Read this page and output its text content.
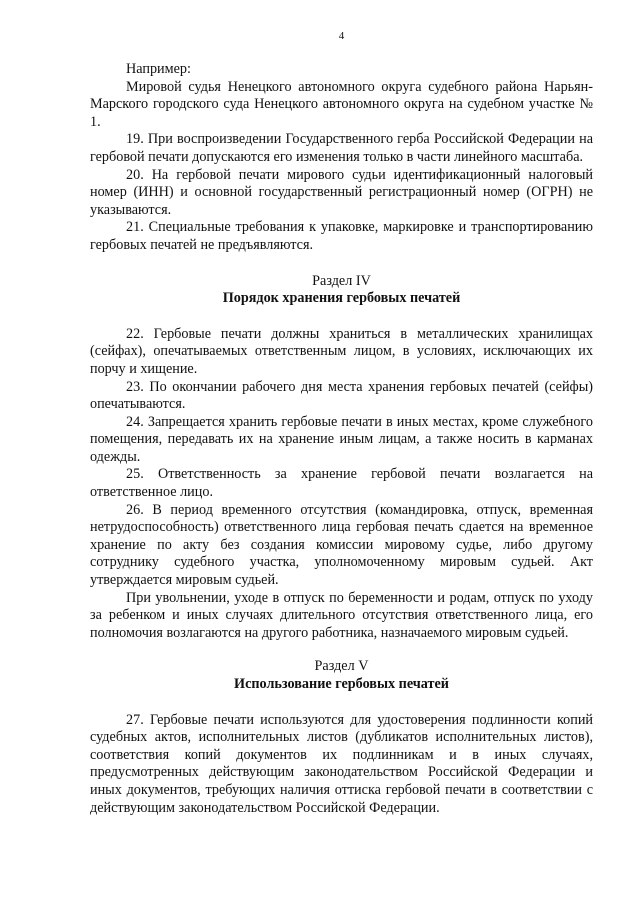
4

Например:

Мировой судья Ненецкого автономного округа судебного района Нарьян-Марского городского суда Ненецкого автономного округа на судебном участке № 1.

19. При воспроизведении Государственного герба Российской Федерации на гербовой печати допускаются его изменения только в части линейного масштаба.

20. На гербовой печати мирового судьи идентификационный налоговый номер (ИНН) и основной государственный регистрационный номер (ОГРН) не указываются.

21. Специальные требования к упаковке, маркировке и транспортированию гербовых печатей не предъявляются.

Раздел IV
Порядок хранения гербовых печатей

22. Гербовые печати должны храниться в металлических хранилищах (сейфах), опечатываемых ответственным лицом, в условиях, исключающих их порчу и хищение.

23. По окончании рабочего дня места хранения гербовых печатей (сейфы) опечатываются.

24. Запрещается хранить гербовые печати в иных местах, кроме служебного помещения, передавать их на хранение иным лицам, а также носить в карманах одежды.

25. Ответственность за хранение гербовой печати возлагается на ответственное лицо.

26. В период временного отсутствия (командировка, отпуск, временная нетрудоспособность) ответственного лица гербовая печать сдается на временное хранение по акту без создания комиссии мировому судье, либо другому сотруднику судебного участка, уполномоченному мировым судьей. Акт утверждается мировым судьей.

При увольнении, уходе в отпуск по беременности и родам, отпуск по уходу за ребенком и иных случаях длительного отсутствия ответственного лица, его полномочия возлагаются на другого работника, назначаемого мировым судьей.

Раздел V
Использование гербовых печатей

27. Гербовые печати используются для удостоверения подлинности копий судебных актов, исполнительных листов (дубликатов исполнительных листов), соответствия копий документов их подлинникам и в иных случаях, предусмотренных действующим законодательством Российской Федерации и иных документов, требующих наличия оттиска гербовой печати в соответствии с действующим законодательством Российской Федерации.
